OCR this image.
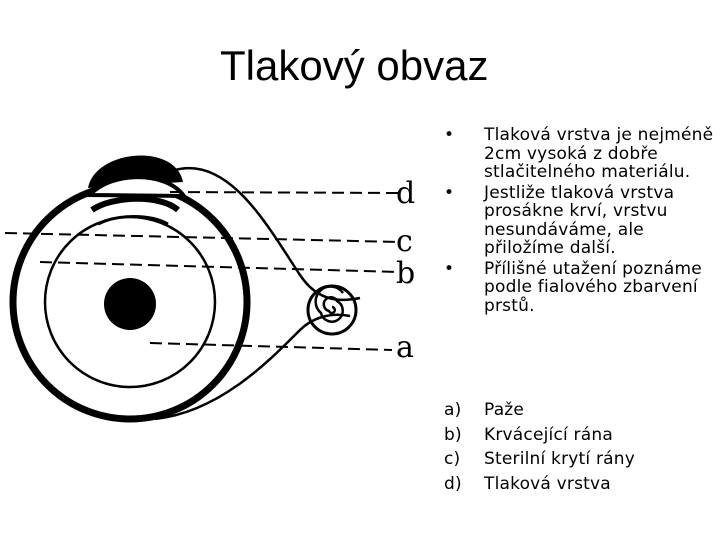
Tlakový obvaz
d
c
b
a
• Tlaková vrstva je nejméně 2cm vysoká z dobře stlačitelného materiálu.
• Jestliže tlaková vrstva prosákne krví, vrstvu nesundáváme, ale přiložíme další.
• Přílišné utažení poznáme podle fialového zbarvení prstů.
a) Paže
b) Krvácející rána
c) Sterilní krytí rány
d) Tlaková vrstva
